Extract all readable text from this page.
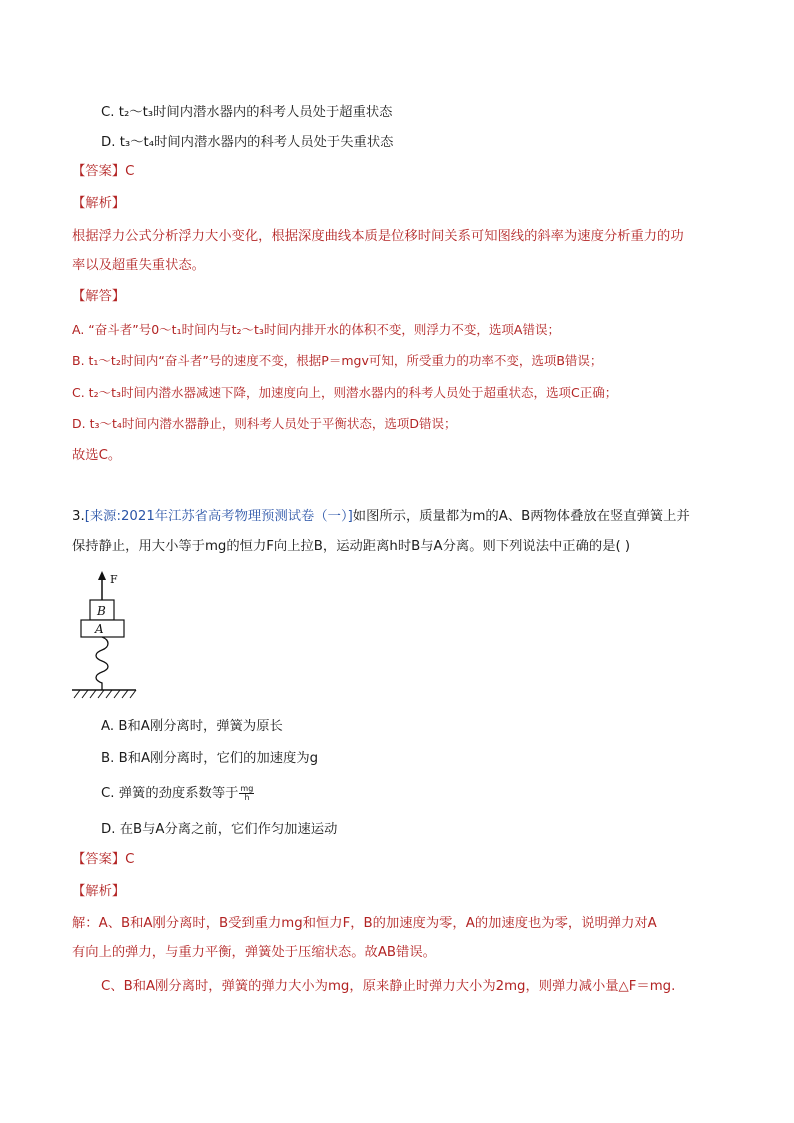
C. t₂～t₃时间内潜水器内的科考人员处于超重状态
D. t₃～t₄时间内潜水器内的科考人员处于失重状态
【答案】C
【解析】
根据浮力公式分析浮力大小变化，根据深度曲线本质是位移时间关系可知图线的斜率为速度分析重力的功
率以及超重失重状态。
【解答】
A. “奋斗者”号0～t₁时间内与t₂～t₃时间内排开水的体积不变，则浮力不变，选项A错误；
B. t₁～t₂时间内“奋斗者”号的速度不变，根据P＝mgv可知，所受重力的功率不变，选项B错误；
C. t₂～t₃时间内潜水器减速下降，加速度向上，则潜水器内的科考人员处于超重状态，选项C正确；
D. t₃～t₄时间内潜水器静止，则科考人员处于平衡状态，选项D错误；
故选C。
3.[来源:2021年江苏省高考物理预测试卷（一）]如图所示，质量都为m的A、B两物体叠放在竖直弹簧上并
保持静止，用大小等于mg的恒力F向上拉B，运动距离h时B与A分离。则下列说法中正确的是( )
F
B
A
A. B和A刚分离时，弹簧为原长
B. B和A刚分离时，它们的加速度为g
C. 弹簧的劲度系数等于 $\frac{mg}{h}$
D. 在B与A分离之前，它们作匀加速运动
【答案】C
【解析】
解：A、B和A刚分离时，B受到重力mg和恒力F，B的加速度为零，A的加速度也为零，说明弹力对A
有向上的弹力，与重力平衡，弹簧处于压缩状态。故AB错误。
C、B和A刚分离时，弹簧的弹力大小为mg，原来静止时弹力大小为2mg，则弹力减小量△F＝mg.
